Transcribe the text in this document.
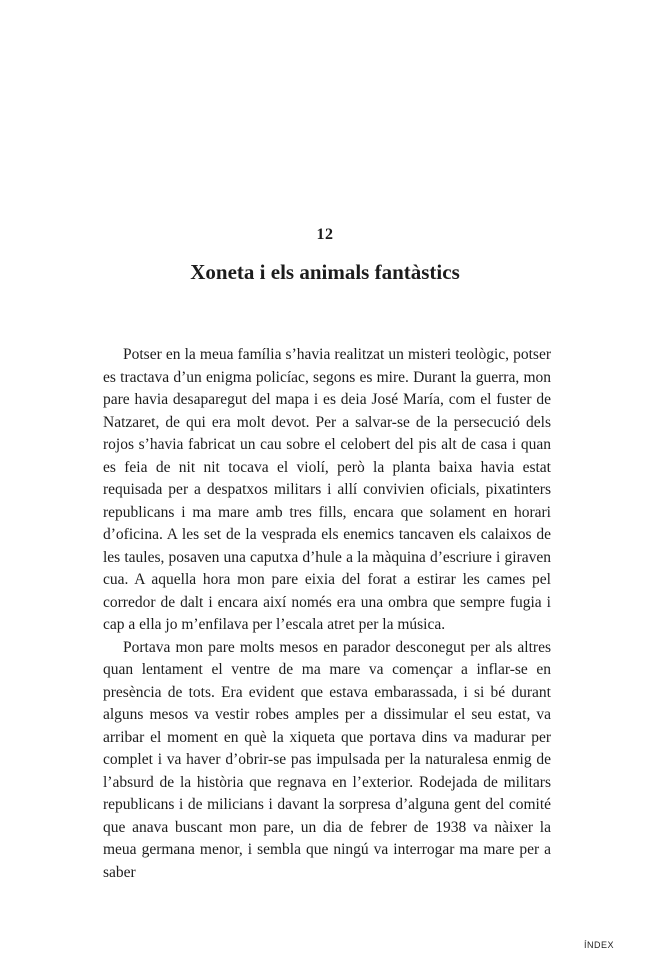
12
Xoneta i els animals fantàstics

Potser en la meua família s’havia realitzat un misteri teològic, potser es tractava d’un enigma policíac, segons es mire. Durant la guerra, mon pare havia desaparegut del mapa i es deia José María, com el fuster de Natzaret, de qui era molt devot. Per a salvar-se de la persecució dels rojos s’havia fabricat un cau sobre el celobert del pis alt de casa i quan es feia de nit nit tocava el violí, però la planta baixa havia estat requisada per a despatxos militars i allí convivien oficials, pixatinters republicans i ma mare amb tres fills, encara que solament en horari d’oficina. A les set de la vesprada els enemics tancaven els calaixos de les taules, posaven una caputxa d’hule a la màquina d’escriure i giraven cua. A aquella hora mon pare eixia del forat a estirar les cames pel corredor de dalt i encara així només era una ombra que sempre fugia i cap a ella jo m’enfilava per l’escala atret per la música.

Portava mon pare molts mesos en parador desconegut per als altres quan lentament el ventre de ma mare va començar a inflar-se en presència de tots. Era evident que estava embarassada, i si bé durant alguns mesos va vestir robes amples per a dissimular el seu estat, va arribar el moment en què la xiqueta que portava dins va madurar per complet i va haver d’obrir-se pas impulsada per la naturalesa enmig de l’absurd de la història que regnava en l’exterior. Rodejada de militars republicans i de milicians i davant la sorpresa d’alguna gent del comité que anava buscant mon pare, un dia de febrer de 1938 va nàixer la meua germana menor, i sembla que ningú va interrogar ma mare per a saber

ÍNDEX
